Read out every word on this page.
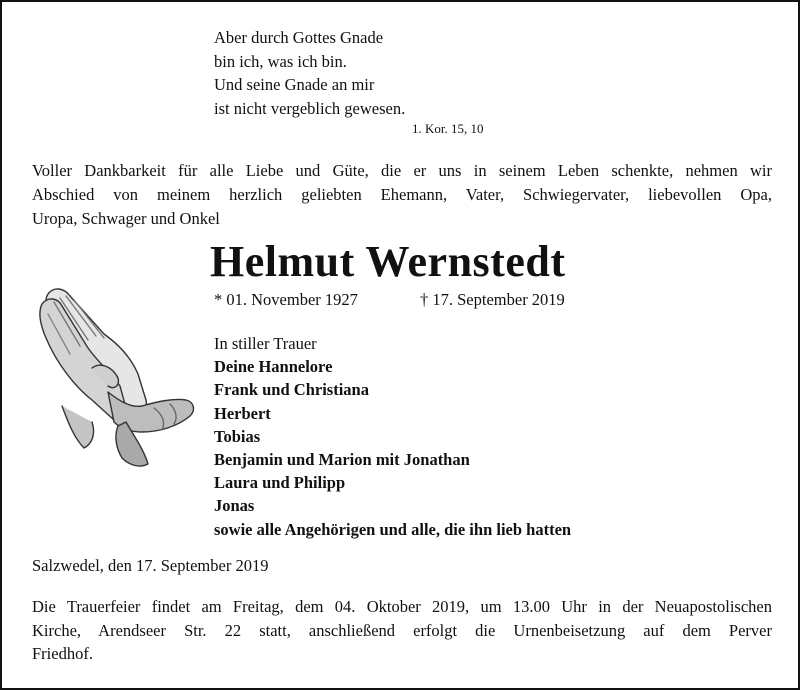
Aber durch Gottes Gnade
bin ich, was ich bin.
Und seine Gnade an mir
ist nicht vergeblich gewesen.
1. Kor. 15, 10
Voller Dankbarkeit für alle Liebe und Güte, die er uns in seinem Leben schenkte, nehmen wir
Abschied von meinem herzlich geliebten Ehemann, Vater, Schwiegervater, liebevollen Opa,
Uropa, Schwager und Onkel
Helmut Wernstedt
* 01. November 1927	† 17. September 2019
In stiller Trauer
Deine Hannelore
Frank und Christiana
Herbert
Tobias
Benjamin und Marion mit Jonathan
Laura und Philipp
Jonas
sowie alle Angehörigen und alle, die ihn lieb hatten
Salzwedel, den 17. September 2019
Die Trauerfeier findet am Freitag, dem 04. Oktober 2019, um 13.00 Uhr in der Neuapostolischen
Kirche, Arendseer Str. 22 statt, anschließend erfolgt die Urnenbeisetzung auf dem Perver
Friedhof.
